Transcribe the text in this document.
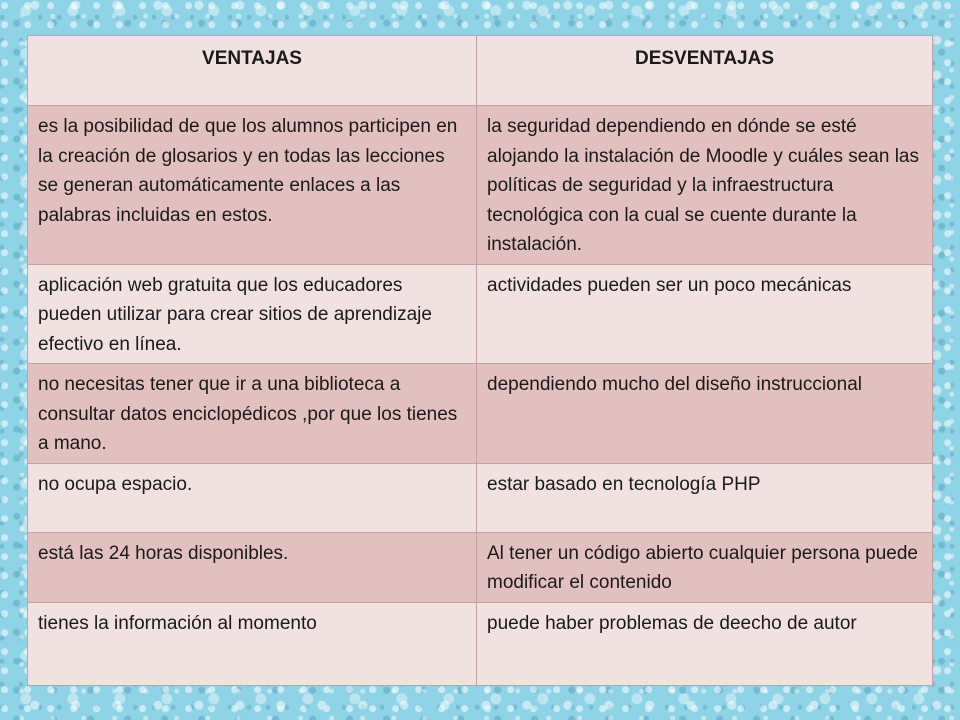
VENTAJAS	DESVENTAJAS
es la posibilidad de que los alumnos participen en la creación de glosarios y en todas las lecciones se generan automáticamente enlaces a las palabras incluidas en estos.	la seguridad dependiendo en dónde se esté alojando la instalación de Moodle y cuáles sean las políticas de seguridad y la infraestructura tecnológica con la cual se cuente durante la instalación.
aplicación web gratuita que los educadores pueden utilizar para crear sitios de aprendizaje efectivo en línea.	actividades pueden ser un poco mecánicas
no necesitas tener que ir a una biblioteca a consultar datos enciclopédicos ,por que los tienes a mano.	dependiendo mucho del diseño instruccional
no ocupa espacio.	estar basado en tecnología PHP
está las 24 horas disponibles.	Al tener un código abierto cualquier persona puede modificar el contenido
tienes la información al momento	puede haber problemas de deecho de autor
